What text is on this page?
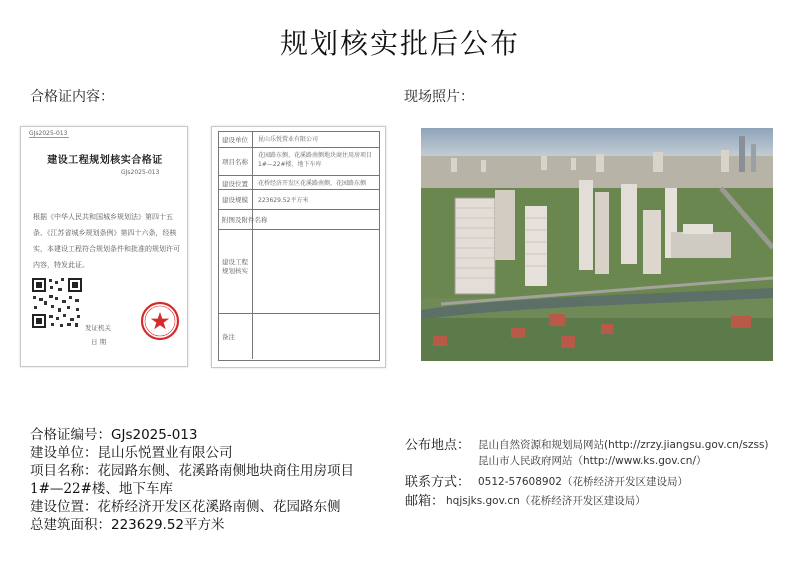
规划核实批后公布
合格证内容：	现场照片：
GJs2025-013
建设工程规划核实合格证
GJs2025-013
根据《中华人民共和国城乡规划法》第四十五条、《江苏省城乡规划条例》第四十六条，经核实，本建设工程符合规划条件和批准的规划许可内容，特发此证。
发证机关
日 期
建设单位
项目名称
建设位置
建设规模
附图及附件名称
建设工程规划核实
备注
昆山乐悦置业有限公司
花园路东侧、花溪路南侧地块商住用房项目
1#—22#楼、地下车库
花桥经济开发区花溪路南侧、花园路东侧
223629.52平方米
合格证编号：GJs2025-013
建设单位：昆山乐悦置业有限公司
项目名称：花园路东侧、花溪路南侧地块商住用房项目
1#—22#楼、地下车库
建设位置：花桥经济开发区花溪路南侧、花园路东侧
总建筑面积：223629.52平方米
公布地点： 昆山自然资源和规划局网站(http://zrzy.jiangsu.gov.cn/szss)
昆山市人民政府网站（http://www.ks.gov.cn/）
联系方式： 0512-57608902（花桥经济开发区建设局）
邮箱： hqjsjks.gov.cn（花桥经济开发区建设局）
